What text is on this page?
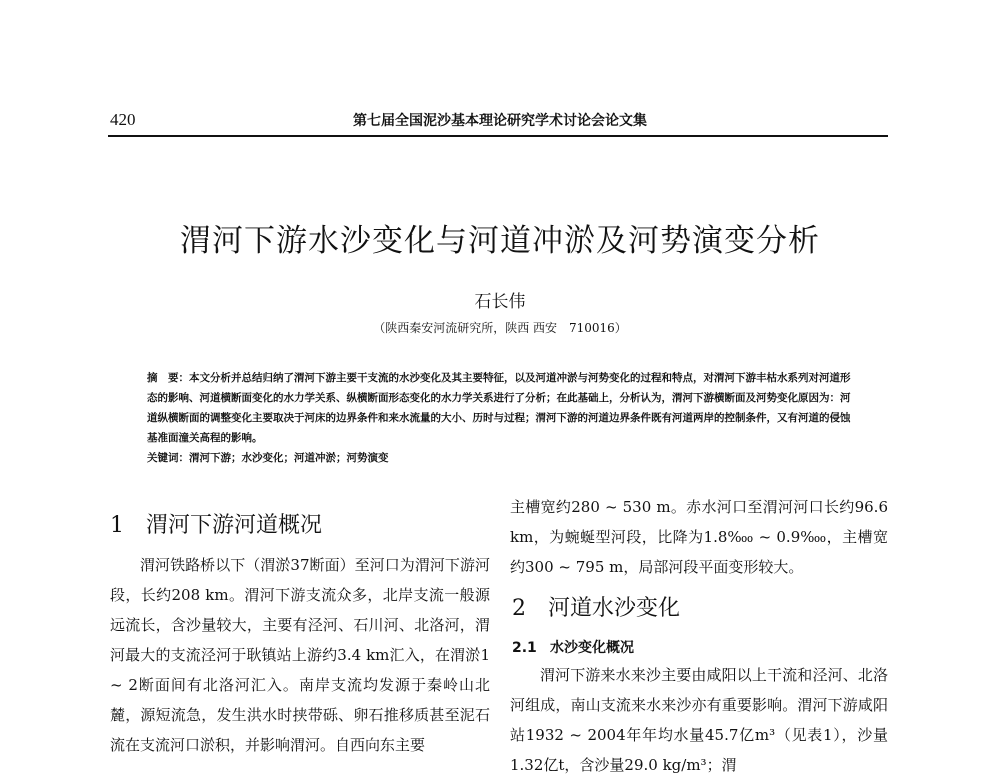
420	第七届全国泥沙基本理论研究学术讨论会论文集
渭河下游水沙变化与河道冲淤及河势演变分析
石长伟
（陕西秦安河流研究所，陕西 西安　710016）

摘　要：本文分析并总结归纳了渭河下游主要干支流的水沙变化及其主要特征，以及河道冲淤与河势变化的过程和特点，对渭河下游丰枯水系列对河道形态的影响、河道横断面变化的水力学关系、纵横断面形态变化的水力学关系进行了分析；在此基础上，分析认为，渭河下游横断面及河势变化原因为：河道纵横断面的调整变化主要取决于河床的边界条件和来水流量的大小、历时与过程；渭河下游的河道边界条件既有河道两岸的控制条件，又有河道的侵蚀基准面潼关高程的影响。

关键词：渭河下游；水沙变化；河道冲淤；河势演变

1 渭河下游河道概况

渭河铁路桥以下（渭淤37断面）至河口为渭河下游河段，长约208 km。渭河下游支流众多，北岸支流一般源远流长，含沙量较大，主要有泾河、石川河、北洛河，渭河最大的支流泾河于耿镇站上游约3.4 km汇入，在渭淤1 ~ 2断面间有北洛河汇入。南岸支流均发源于秦岭山北麓，源短流急，发生洪水时挟带砾、卵石推移质甚至泥石流在支流河口淤积，并影响渭河。自西向东主要

主槽宽约280 ~ 530 m。赤水河口至渭河河口长约96.6 km，为蜿蜒型河段，比降为1.8‱ ~ 0.9‱，主槽宽约300 ~ 795 m，局部河段平面变形较大。

2 河道水沙变化
2.1 水沙变化概况

渭河下游来水来沙主要由咸阳以上干流和泾河、北洛河组成，南山支流来水来沙亦有重要影响。渭河下游咸阳站1932 ~ 2004年年均水量45.7亿m³（见表1），沙量1.32亿t，含沙量29.0 kg/m³；渭
